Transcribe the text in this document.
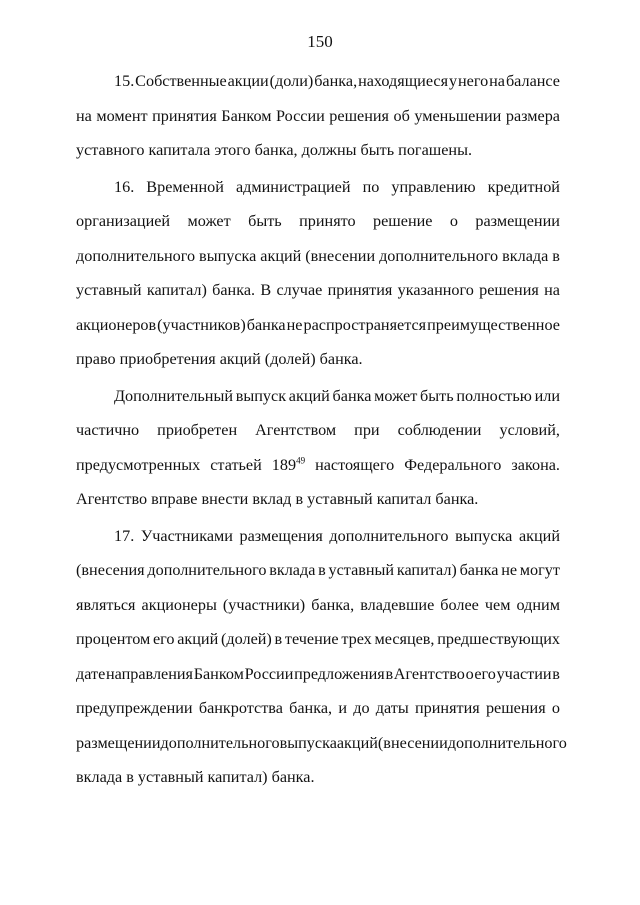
150
15. Собственные акции (доли) банка, находящиеся у него на балансе
на момент принятия Банком России решения об уменьшении размера
уставного капитала этого банка, должны быть погашены.
16. Временной администрацией по управлению кредитной
организацией может быть принято решение о размещении
дополнительного выпуска акций (внесении дополнительного вклада в
уставный капитал) банка. В случае принятия указанного решения на
акционеров (участников) банка не распространяется преимущественное
право приобретения акций (долей) банка.
Дополнительный выпуск акций банка может быть полностью или
частично приобретен Агентством при соблюдении условий,
предусмотренных статьей $189^{49}$ настоящего Федерального закона.
Агентство вправе внести вклад в уставный капитал банка.
17. Участниками размещения дополнительного выпуска акций
(внесения дополнительного вклада в уставный капитал) банка не могут
являться акционеры (участники) банка, владевшие более чем одним
процентом его акций (долей) в течение трех месяцев, предшествующих
дате направления Банком России предложения в Агентство о его участии в
предупреждении банкротства банка, и до даты принятия решения о
размещении дополнительного выпуска акций (внесении дополнительного
вклада в уставный капитал) банка.
